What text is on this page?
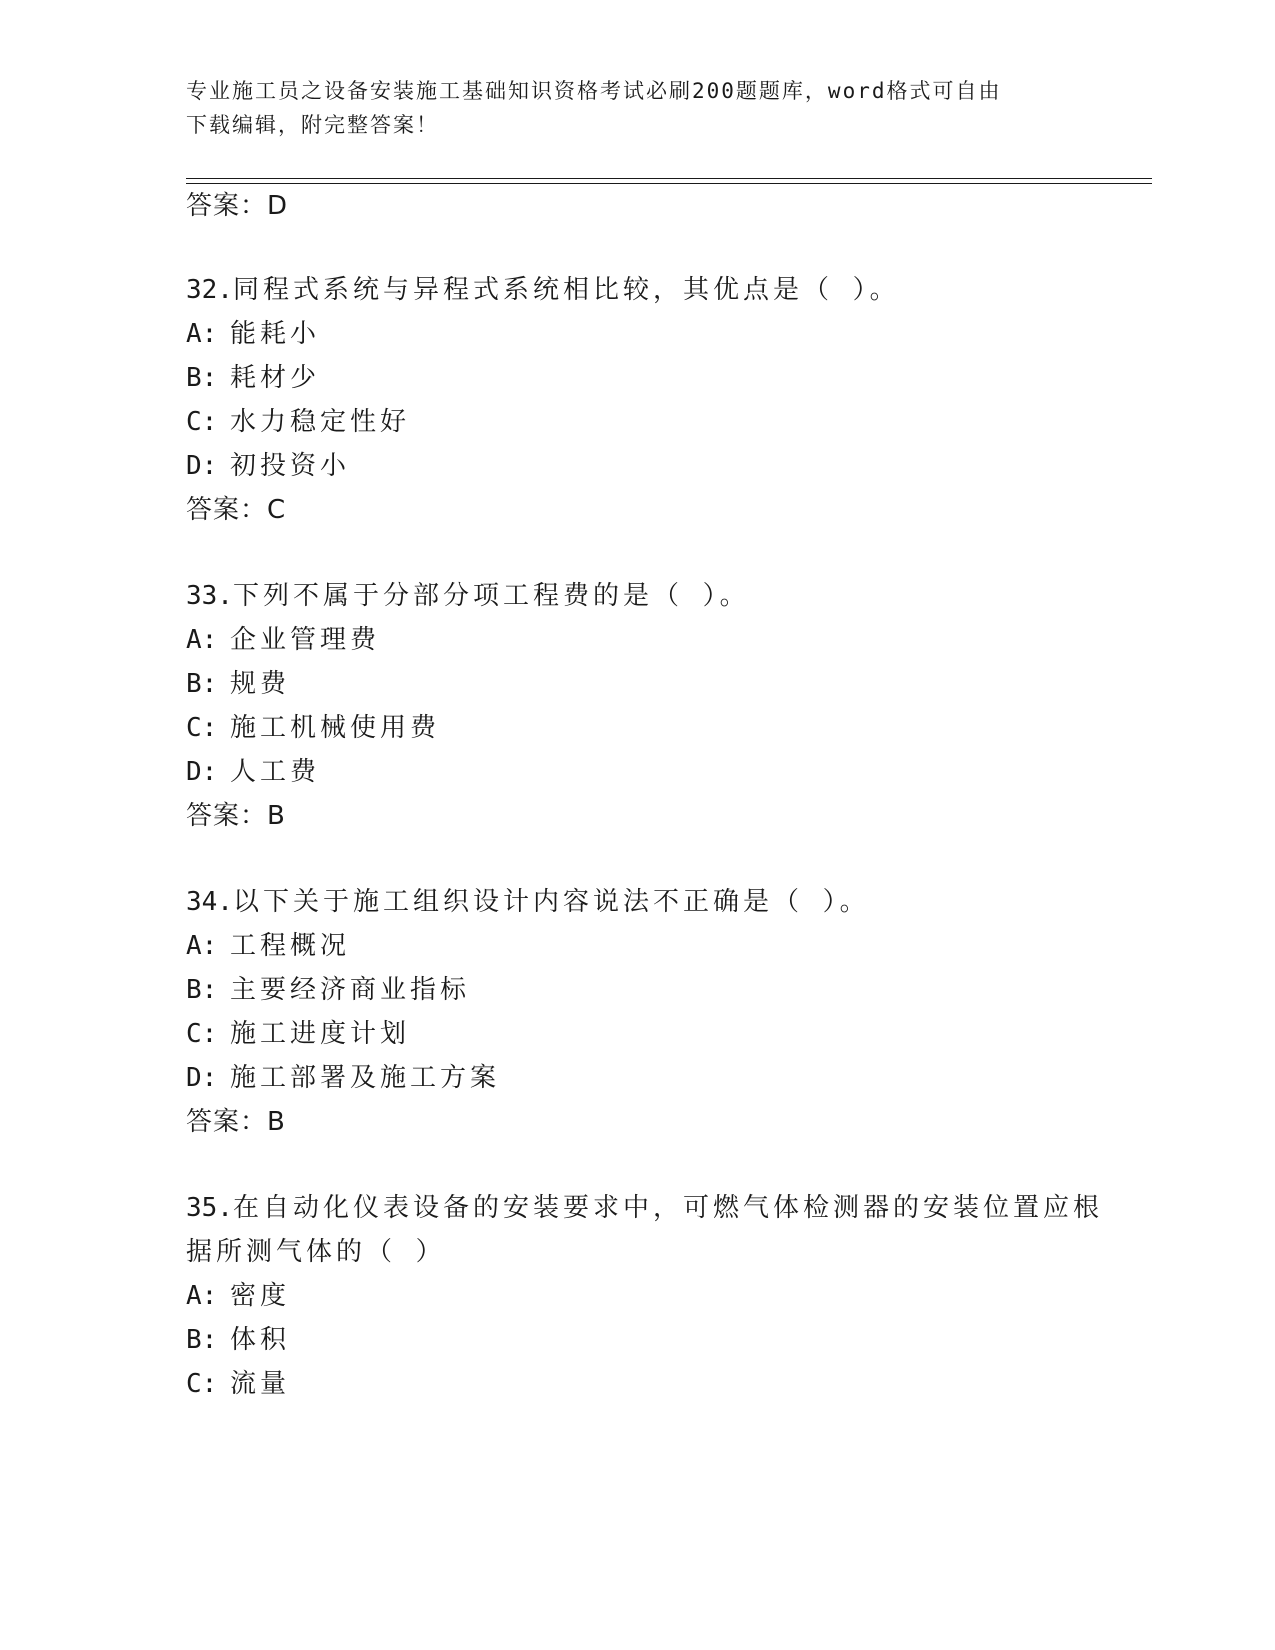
专业施工员之设备安装施工基础知识资格考试必刷200题题库，word格式可自由
下载编辑，附完整答案！
答案：D
32.同程式系统与异程式系统相比较，其优点是（ ）。
A: 能耗小
B: 耗材少
C: 水力稳定性好
D: 初投资小
答案：C
33.下列不属于分部分项工程费的是（ ）。
A: 企业管理费
B: 规费
C: 施工机械使用费
D: 人工费
答案：B
34.以下关于施工组织设计内容说法不正确是（ ）。
A: 工程概况
B: 主要经济商业指标
C: 施工进度计划
D: 施工部署及施工方案
答案：B
35.在自动化仪表设备的安装要求中，可燃气体检测器的安装位置应根
据所测气体的（ ）
A: 密度
B: 体积
C: 流量
